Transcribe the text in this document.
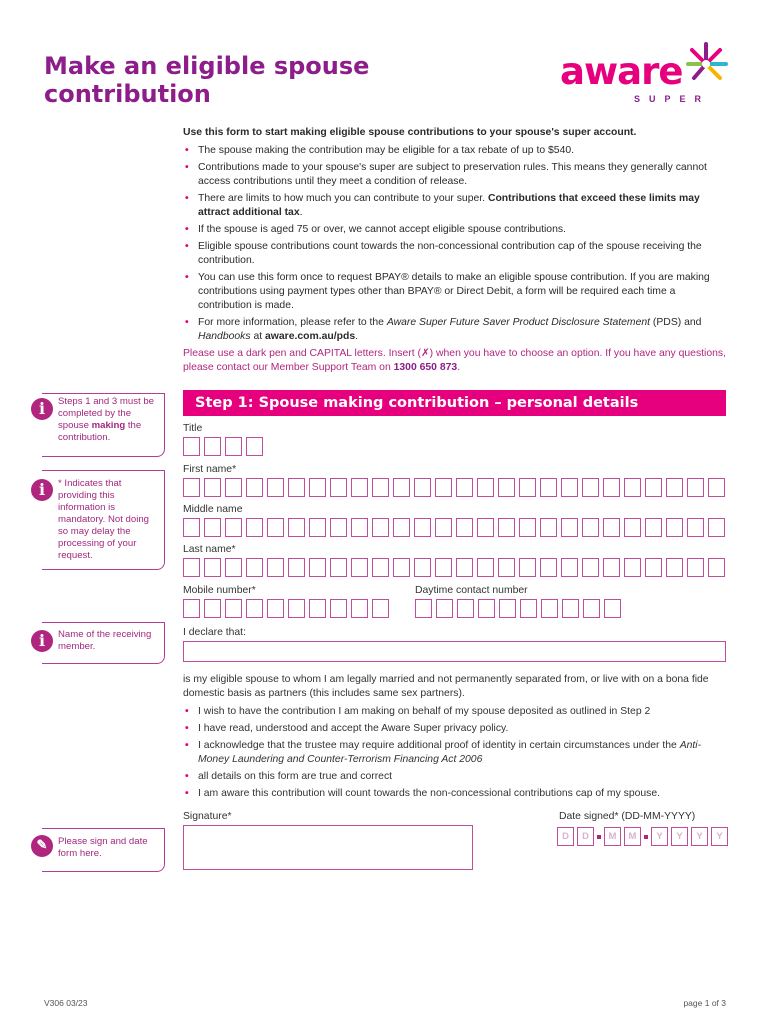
Make an eligible spouse contribution
aware
SUPER

Use this form to start making eligible spouse contributions to your spouse's super account.

• The spouse making the contribution may be eligible for a tax rebate of up to $540.
• Contributions made to your spouse's super are subject to preservation rules. This means they generally cannot access contributions until they meet a condition of release.
• There are limits to how much you can contribute to your super. Contributions that exceed these limits may attract additional tax.
• If the spouse is aged 75 or over, we cannot accept eligible spouse contributions.
• Eligible spouse contributions count towards the non-concessional contribution cap of the spouse receiving the contribution.
• You can use this form once to request BPAY® details to make an eligible spouse contribution. If you are making contributions using payment types other than BPAY® or Direct Debit, a form will be required each time a contribution is made.
• For more information, please refer to the Aware Super Future Saver Product Disclosure Statement (PDS) and Handbooks at aware.com.au/pds.
Please use a dark pen and CAPITAL letters. Insert (✗) when you have to choose an option. If you have any questions, please contact our Member Support Team on 1300 650 873.
i	Steps 1 and 3 must be completed by the spouse making the contribution.
i	* Indicates that providing this information is mandatory. Not doing so may delay the processing of your request.
i	Name of the receiving member.
✎	Please sign and date form here.
Step 1: Spouse making contribution – personal details
Title
First name*
Middle name
Last name*
Mobile number*	Daytime contact number
I declare that:
is my eligible spouse to whom I am legally married and not permanently separated from, or live with on a bona fide domestic basis as partners (this includes same sex partners).
• I wish to have the contribution I am making on behalf of my spouse deposited as outlined in Step 2
• I have read, understood and accept the Aware Super privacy policy.
• I acknowledge that the trustee may require additional proof of identity in certain circumstances under the Anti-Money Laundering and Counter-Terrorism Financing Act 2006
• all details on this form are true and correct
• I am aware this contribution will count towards the non-concessional contributions cap of my spouse.
Signature*	Date signed* (DD-MM-YYYY)
D	D	M	M	Y	Y	Y	Y
V306 03/23	page 1 of 3
